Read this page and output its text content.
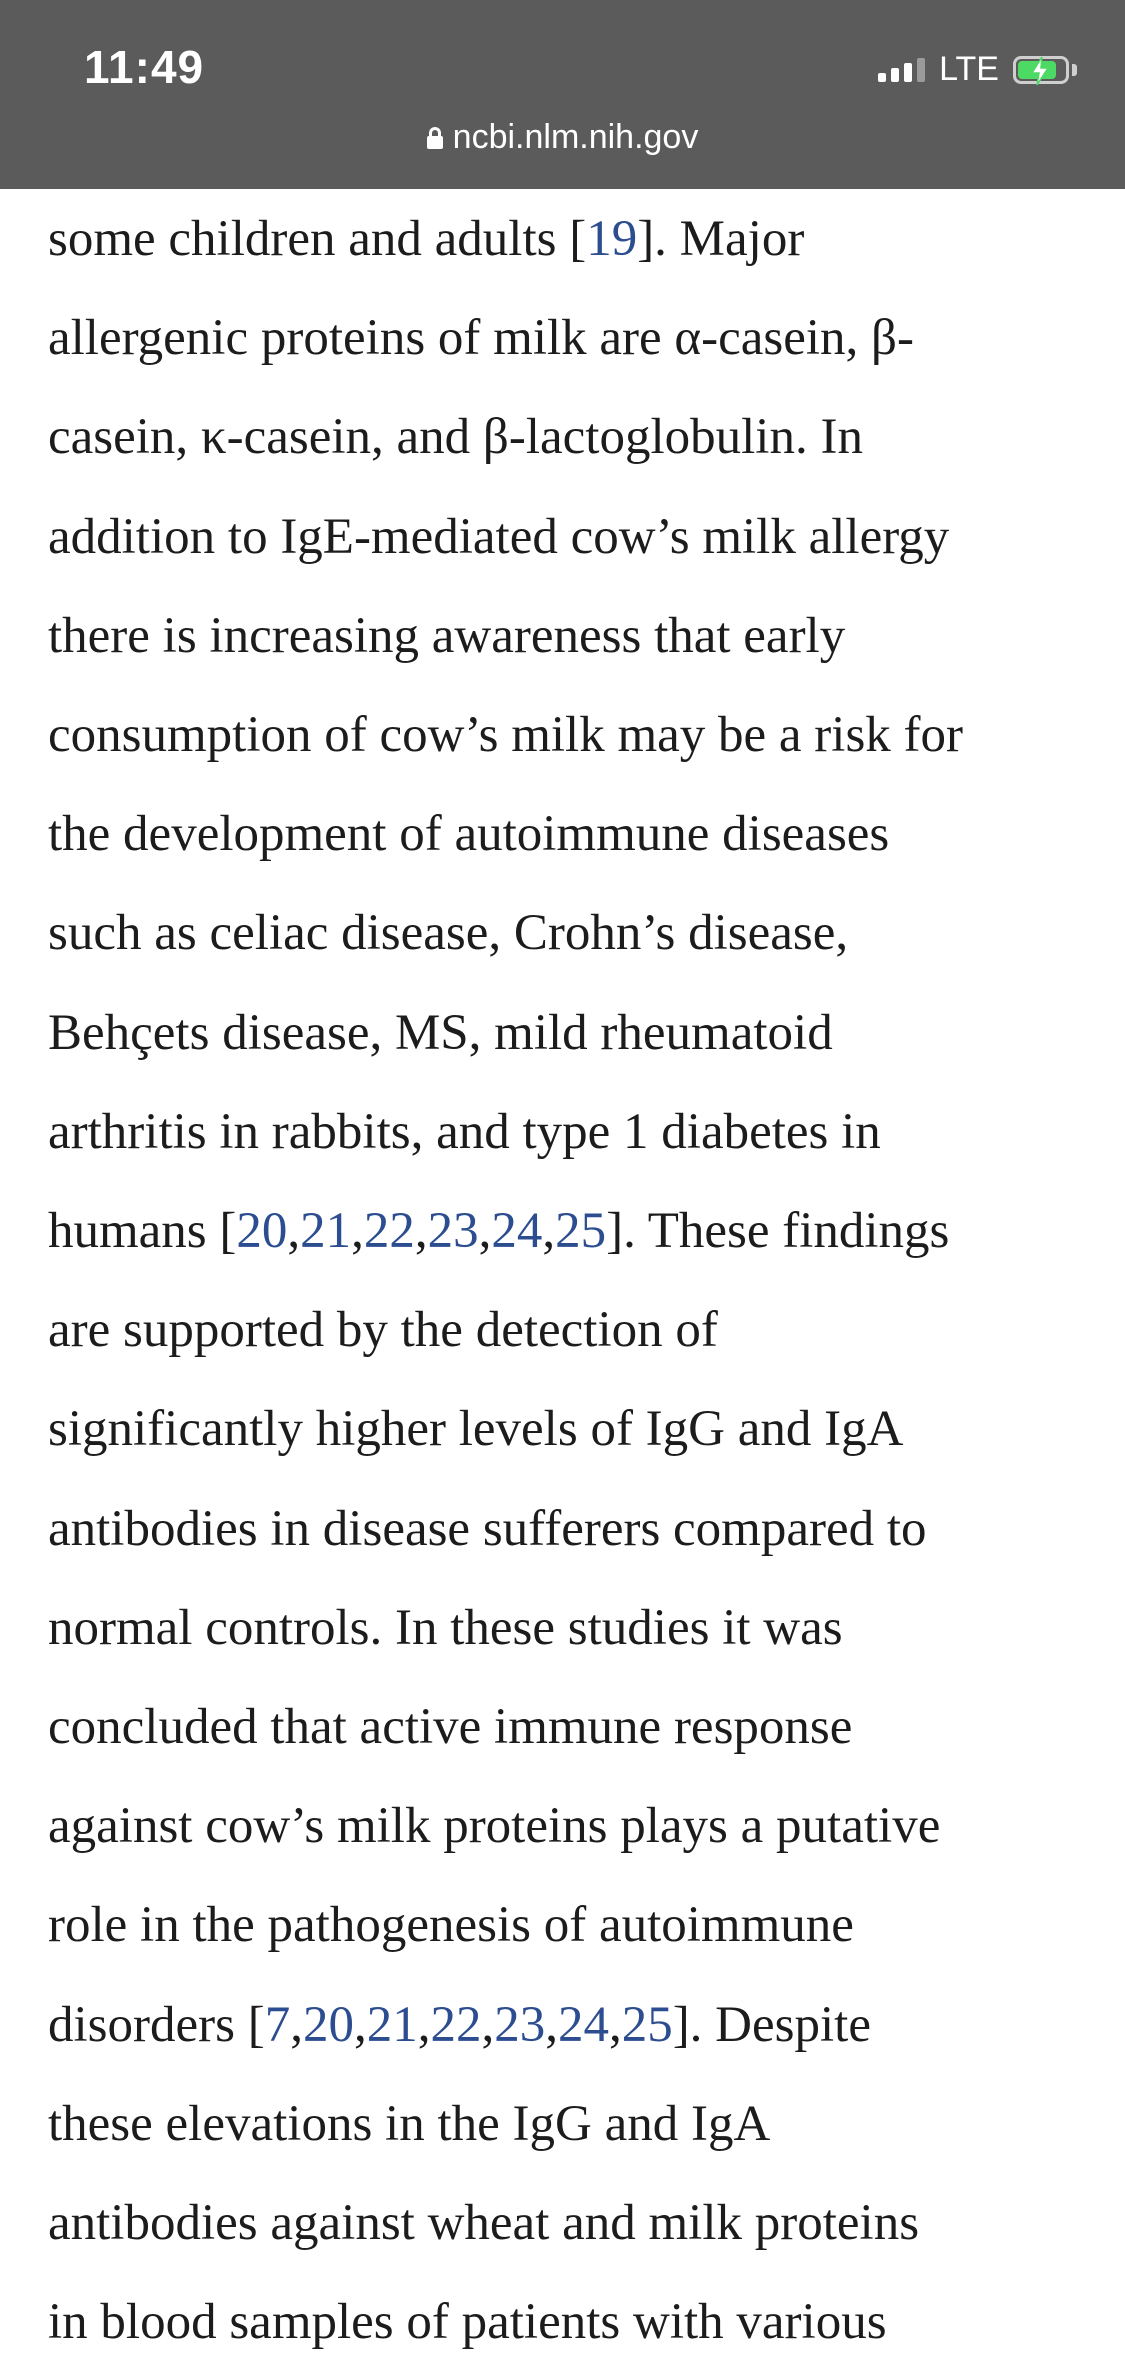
11:49	LTE
ncbi.nlm.nih.gov
some children and adults [19]. Major
allergenic proteins of milk are α-casein, β-
casein, κ-casein, and β-lactoglobulin. In
addition to IgE-mediated cow’s milk allergy
there is increasing awareness that early
consumption of cow’s milk may be a risk for
the development of autoimmune diseases
such as celiac disease, Crohn’s disease,
Behçets disease, MS, mild rheumatoid
arthritis in rabbits, and type 1 diabetes in
humans [20,21,22,23,24,25]. These findings
are supported by the detection of
significantly higher levels of IgG and IgA
antibodies in disease sufferers compared to
normal controls. In these studies it was
concluded that active immune response
against cow’s milk proteins plays a putative
role in the pathogenesis of autoimmune
disorders [7,20,21,22,23,24,25]. Despite
these elevations in the IgG and IgA
antibodies against wheat and milk proteins
in blood samples of patients with various
